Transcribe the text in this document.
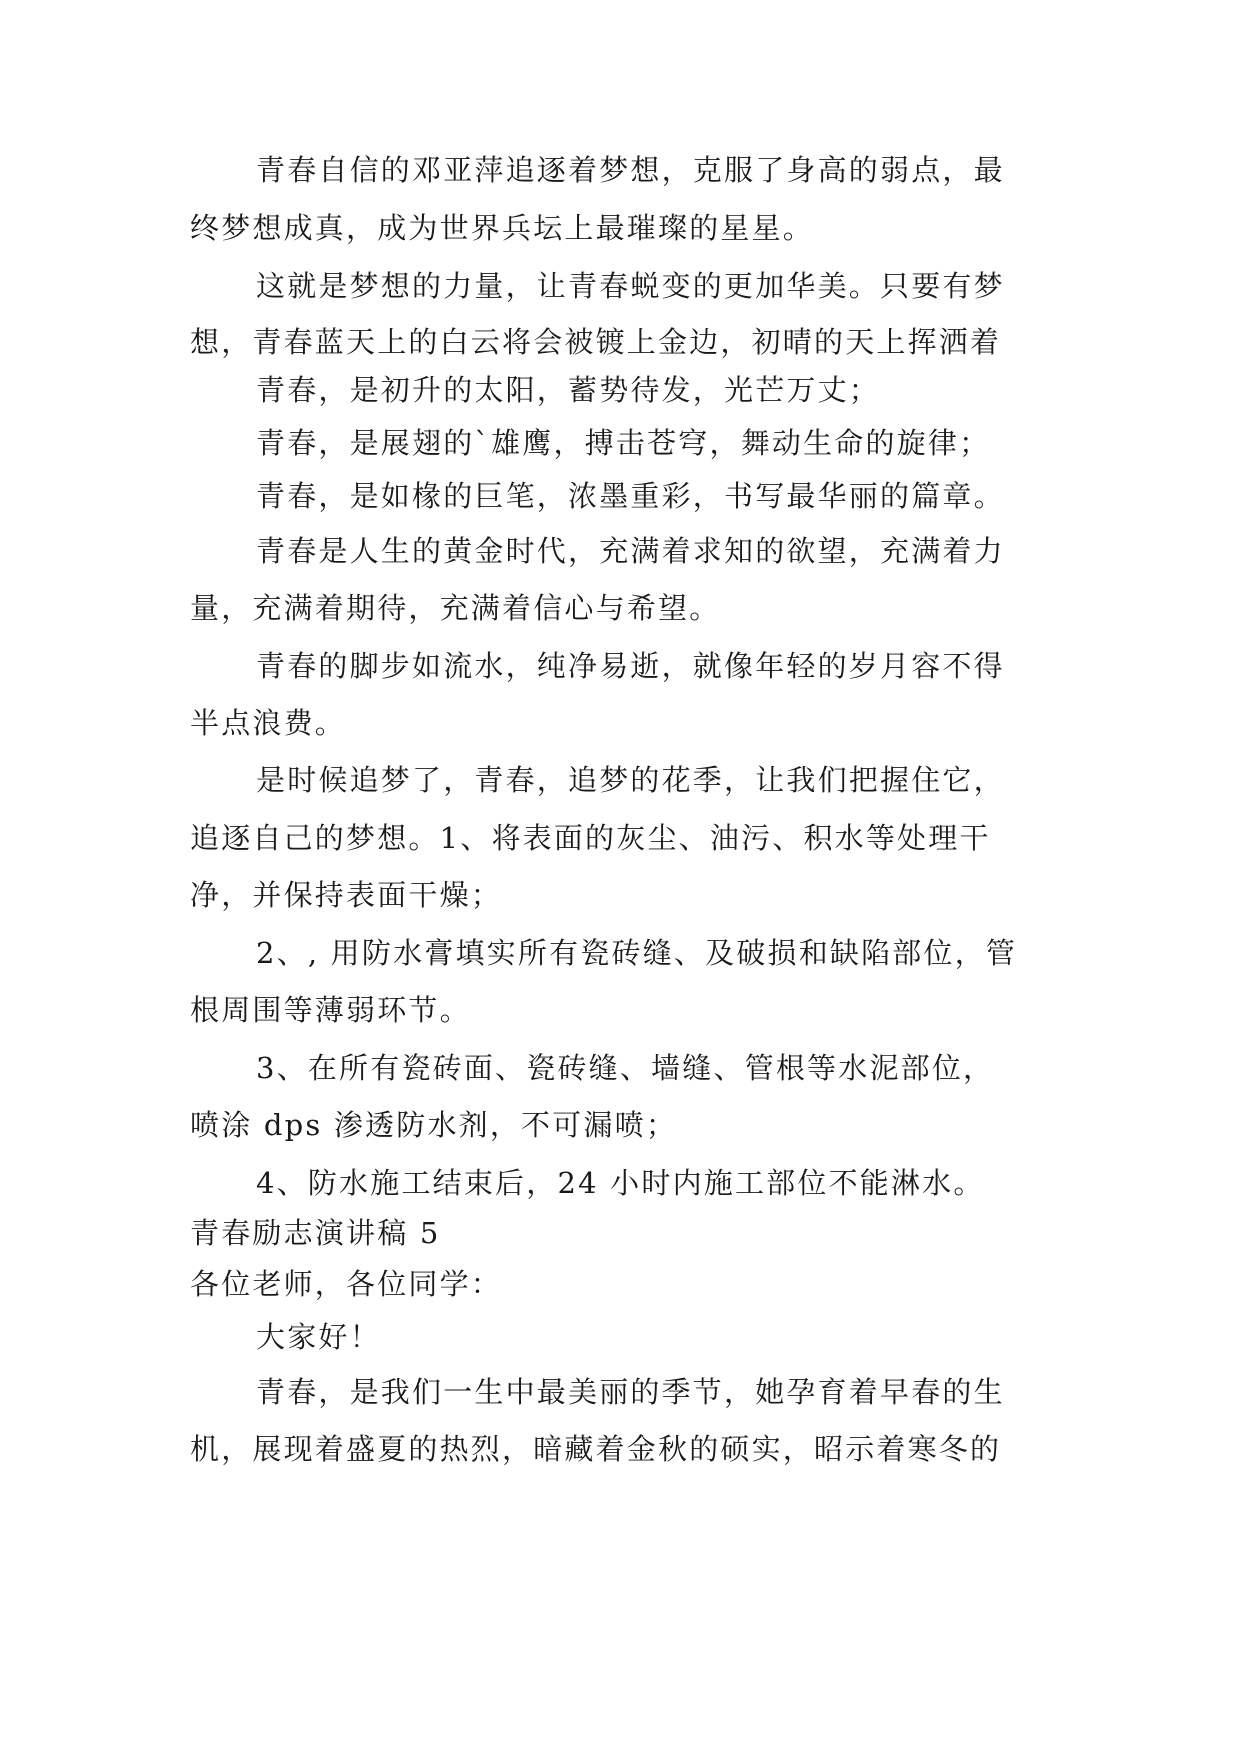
青春自信的邓亚萍追逐着梦想，克服了身高的弱点，最
终梦想成真，成为世界兵坛上最璀璨的星星。
这就是梦想的力量，让青春蜕变的更加华美。只要有梦
想，青春蓝天上的白云将会被镀上金边，初晴的天上挥洒着
青春，是初升的太阳，蓄势待发，光芒万丈；
青春，是展翅的`雄鹰，搏击苍穹，舞动生命的旋律；
青春，是如椽的巨笔，浓墨重彩，书写最华丽的篇章。
青春是人生的黄金时代，充满着求知的欲望，充满着力
量，充满着期待，充满着信心与希望。
青春的脚步如流水，纯净易逝，就像年轻的岁月容不得
半点浪费。
是时候追梦了，青春，追梦的花季，让我们把握住它，
追逐自己的梦想。1、将表面的灰尘、油污、积水等处理干
净，并保持表面干燥；
2、, 用防水膏填实所有瓷砖缝、及破损和缺陷部位，管
根周围等薄弱环节。
3、在所有瓷砖面、瓷砖缝、墙缝、管根等水泥部位，
喷涂 dps 渗透防水剂，不可漏喷；
4、防水施工结束后，24 小时内施工部位不能淋水。
青春励志演讲稿 5
各位老师，各位同学：
大家好！
青春，是我们一生中最美丽的季节，她孕育着早春的生
机，展现着盛夏的热烈，暗藏着金秋的硕实，昭示着寒冬的
